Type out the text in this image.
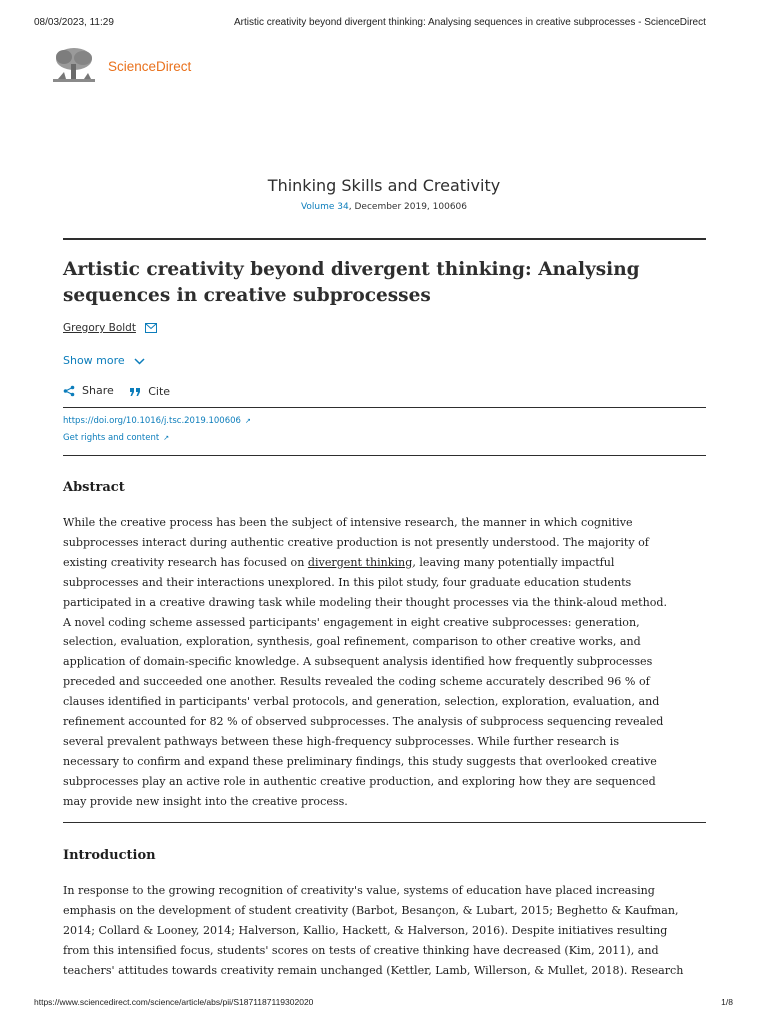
08/03/2023, 11:29	Artistic creativity beyond divergent thinking: Analysing sequences in creative subprocesses - ScienceDirect
ScienceDirect
Thinking Skills and Creativity
Volume 34, December 2019, 100606
Artistic creativity beyond divergent thinking: Analysing sequences in creative subprocesses
Gregory Boldt
Show more
Share
	Cite
https://doi.org/10.1016/j.tsc.2019.100606 ↗
Get rights and content ↗
Abstract
While the creative process has been the subject of intensive research, the manner in which cognitive
subprocesses interact during authentic creative production is not presently understood. The majority of
existing creativity research has focused on divergent thinking, leaving many potentially impactful
subprocesses and their interactions unexplored. In this pilot study, four graduate education students
participated in a creative drawing task while modeling their thought processes via the think-aloud method.
A novel coding scheme assessed participants' engagement in eight creative subprocesses: generation,
selection, evaluation, exploration, synthesis, goal refinement, comparison to other creative works, and
application of domain-specific knowledge. A subsequent analysis identified how frequently subprocesses
preceded and succeeded one another. Results revealed the coding scheme accurately described 96 % of
clauses identified in participants' verbal protocols, and generation, selection, exploration, evaluation, and
refinement accounted for 82 % of observed subprocesses. The analysis of subprocess sequencing revealed
several prevalent pathways between these high-frequency subprocesses. While further research is
necessary to confirm and expand these preliminary findings, this study suggests that overlooked creative
subprocesses play an active role in authentic creative production, and exploring how they are sequenced
may provide new insight into the creative process.
Introduction
In response to the growing recognition of creativity's value, systems of education have placed increasing
emphasis on the development of student creativity (Barbot, Besançon, & Lubart, 2015; Beghetto & Kaufman,
2014; Collard & Looney, 2014; Halverson, Kallio, Hackett, & Halverson, 2016). Despite initiatives resulting
from this intensified focus, students' scores on tests of creative thinking have decreased (Kim, 2011), and
teachers' attitudes towards creativity remain unchanged (Kettler, Lamb, Willerson, & Mullet, 2018). Research
https://www.sciencedirect.com/science/article/abs/pii/S1871187119302020	1/8
